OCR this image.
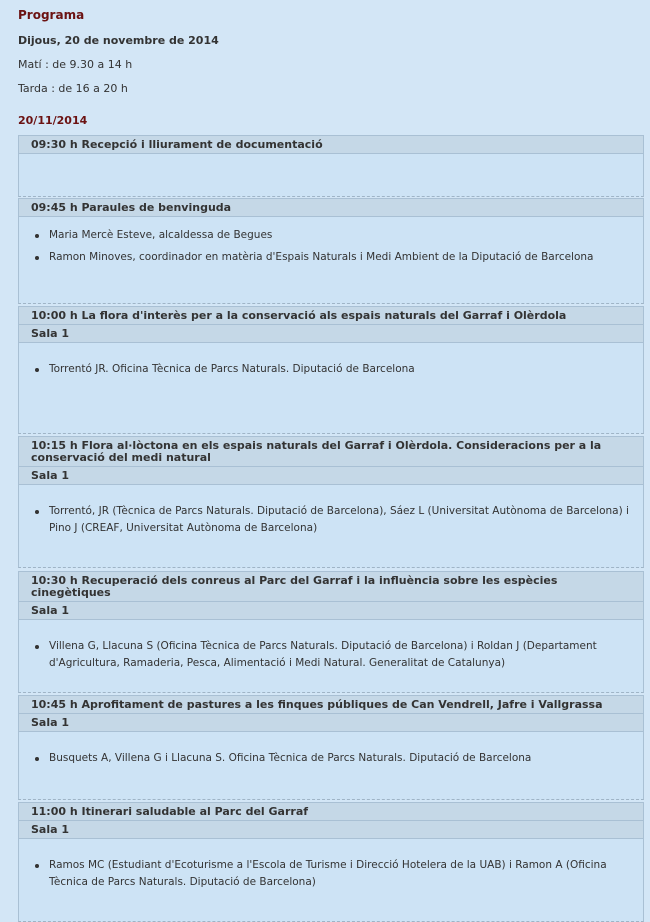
Programa
Dijous, 20 de novembre de 2014
Matí : de 9.30 a 14 h
Tarda : de 16 a 20 h
20/11/2014
09:30 h Recepció i lliurament de documentació
09:45 h Paraules de benvinguda
Maria Mercè Esteve, alcaldessa de Begues
Ramon Minoves, coordinador en matèria d'Espais Naturals i Medi Ambient de la Diputació de Barcelona
10:00 h La flora d'interès per a la conservació als espais naturals del Garraf i Olèrdola
Sala 1
Torrentó JR. Oficina Tècnica de Parcs Naturals. Diputació de Barcelona
10:15 h Flora al·lòctona en els espais naturals del Garraf i Olèrdola. Consideracions per a la conservació del medi natural
Sala 1
Torrentó, JR (Tècnica de Parcs Naturals. Diputació de Barcelona), Sáez L (Universitat Autònoma de Barcelona) i Pino J (CREAF, Universitat Autònoma de Barcelona)
10:30 h Recuperació dels conreus al Parc del Garraf i la influència sobre les espècies cinegètiques
Sala 1
Villena G, Llacuna S (Oficina Tècnica de Parcs Naturals. Diputació de Barcelona) i Roldan J (Departament d'Agricultura, Ramaderia, Pesca, Alimentació i Medi Natural. Generalitat de Catalunya)
10:45 h Aprofitament de pastures a les finques públiques de Can Vendrell, Jafre i Vallgrassa
Sala 1
Busquets A, Villena G i Llacuna S. Oficina Tècnica de Parcs Naturals. Diputació de Barcelona
11:00 h Itinerari saludable al Parc del Garraf
Sala 1
Ramos MC (Estudiant d'Ecoturisme a l'Escola de Turisme i Direcció Hotelera de la UAB) i Ramon A (Oficina Tècnica de Parcs Naturals. Diputació de Barcelona)
